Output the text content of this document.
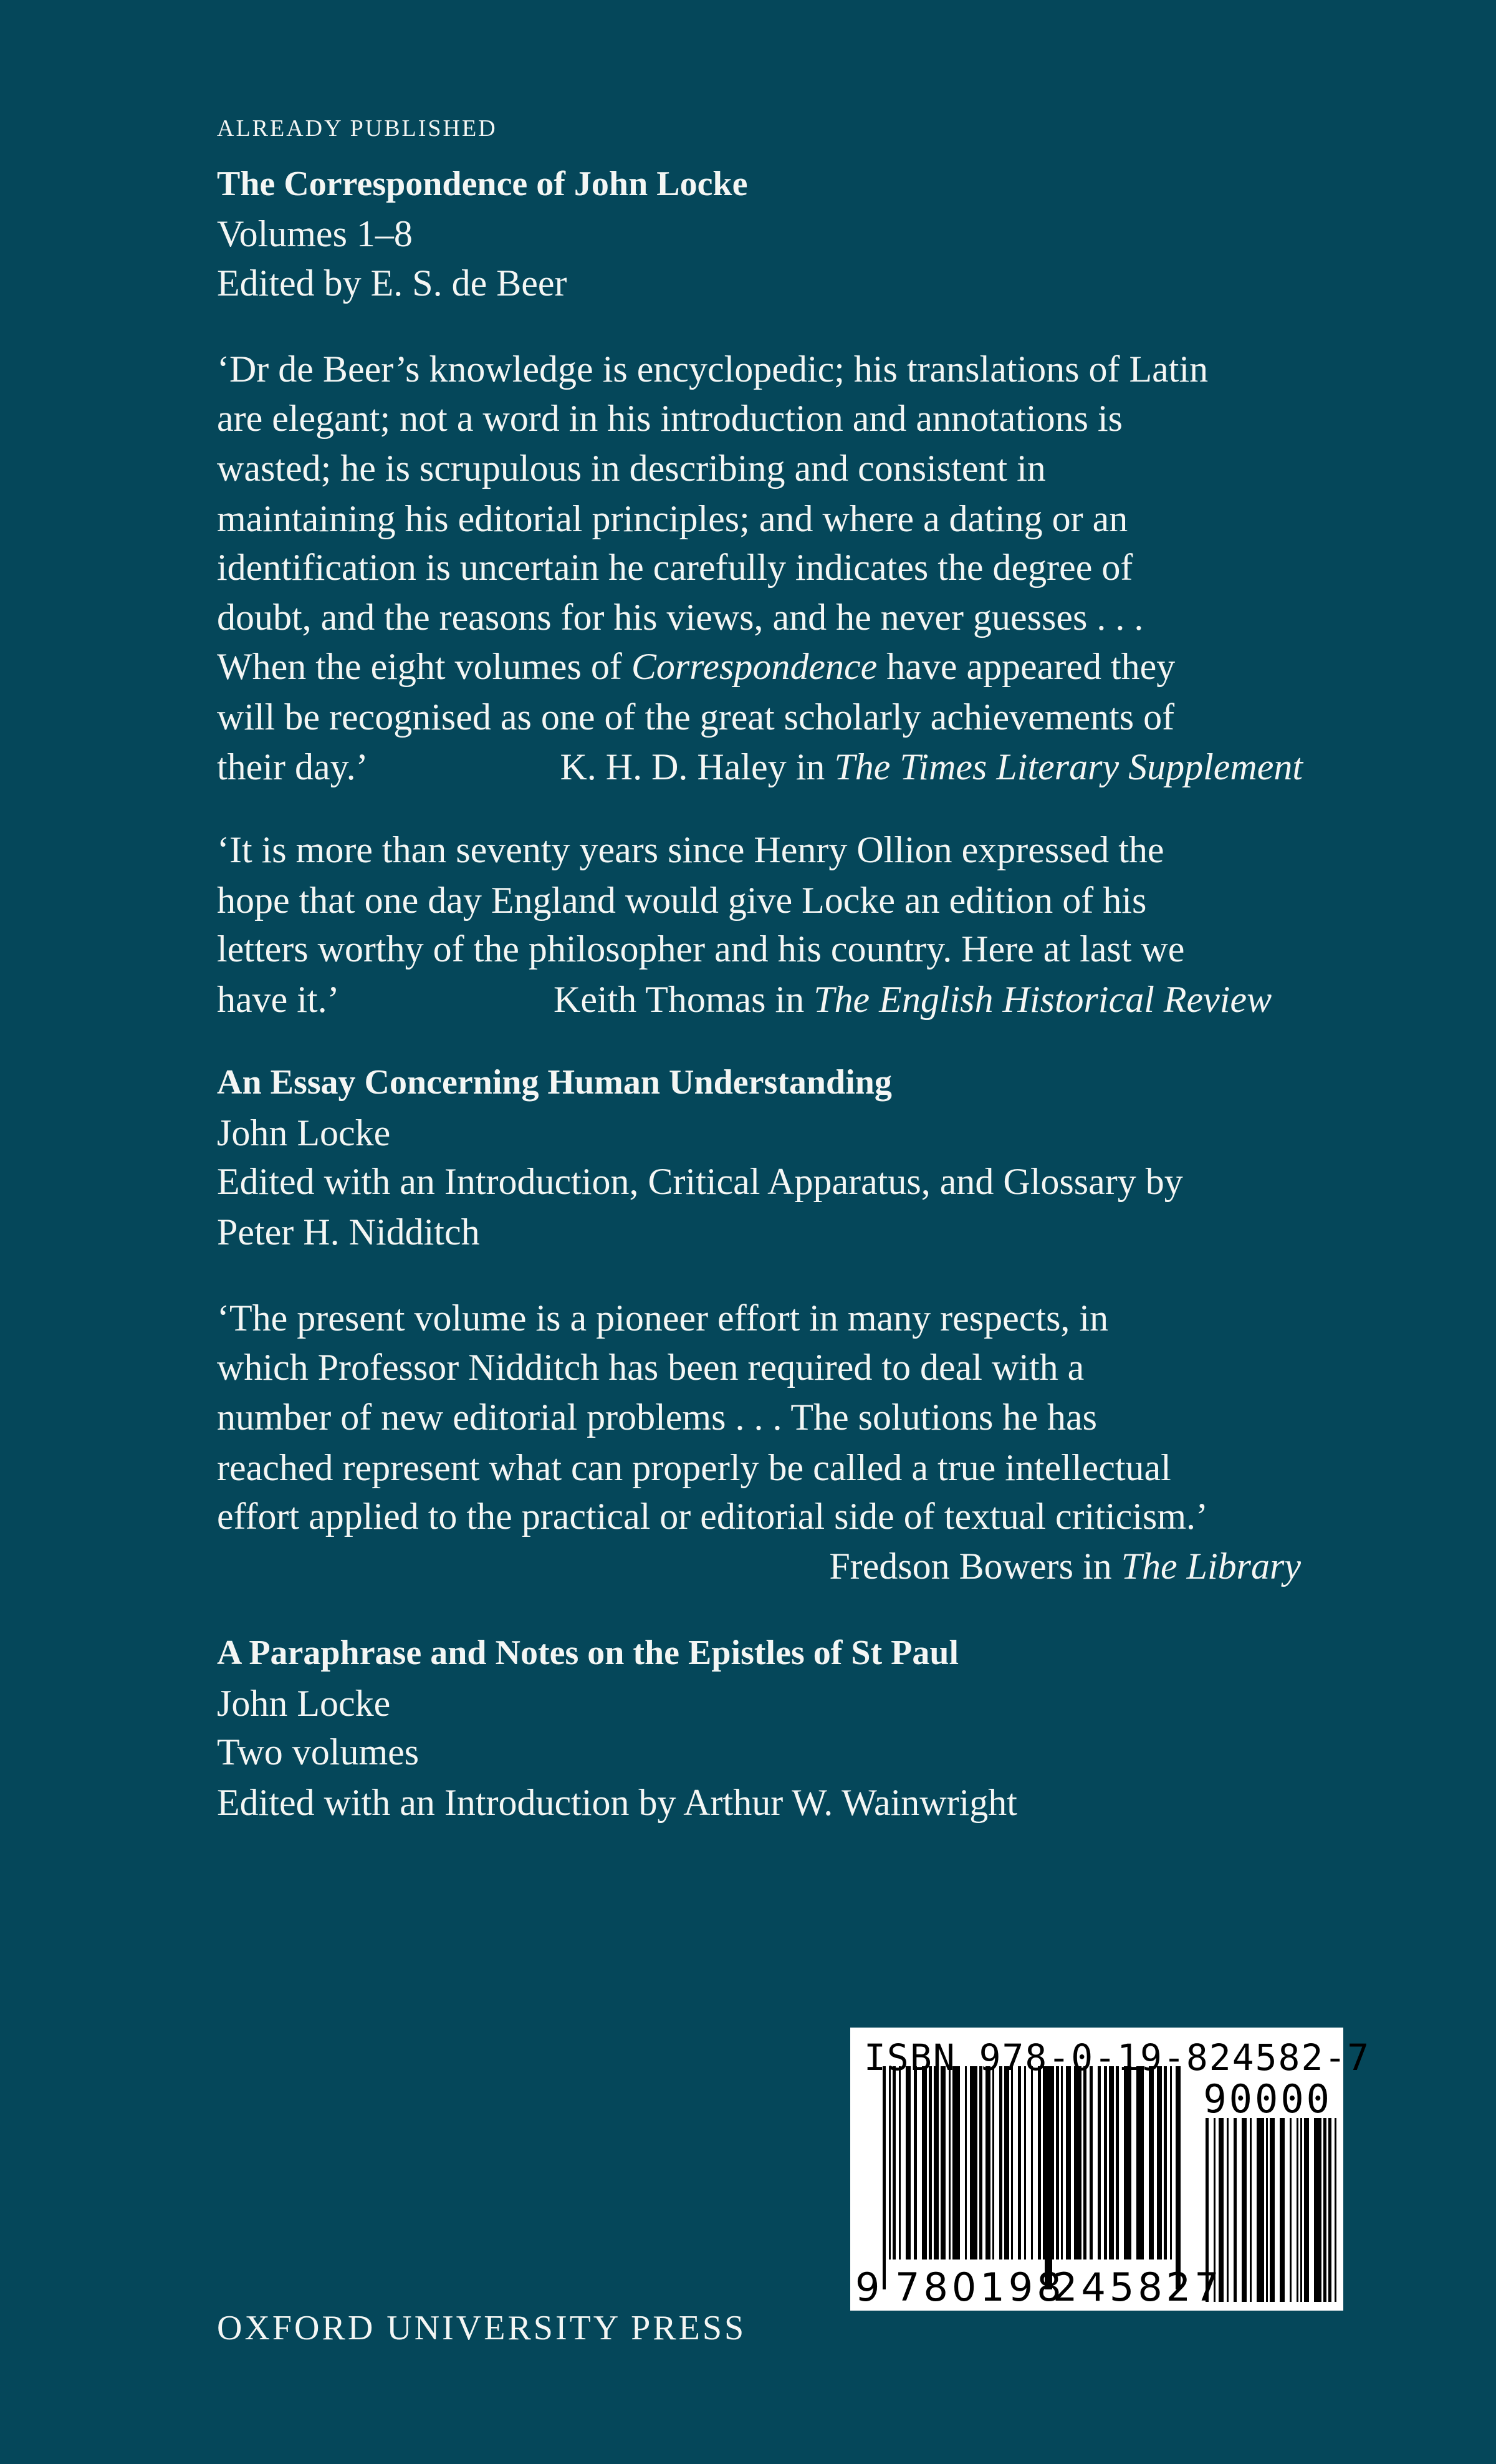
ALREADY PUBLISHED
The Correspondence of John Locke
Volumes 1–8
Edited by E. S. de Beer
‘Dr de Beer’s knowledge is encyclopedic; his translations of Latin
are elegant; not a word in his introduction and annotations is
wasted; he is scrupulous in describing and consistent in
maintaining his editorial principles; and where a dating or an
identification is uncertain he carefully indicates the degree of
doubt, and the reasons for his views, and he never guesses . . .
When the eight volumes of Correspondence have appeared they
will be recognised as one of the great scholarly achievements of
their day.’	K. H. D. Haley in The Times Literary Supplement
‘It is more than seventy years since Henry Ollion expressed the
hope that one day England would give Locke an edition of his
letters worthy of the philosopher and his country. Here at last we
have it.’	Keith Thomas in The English Historical Review
An Essay Concerning Human Understanding
John Locke
Edited with an Introduction, Critical Apparatus, and Glossary by
Peter H. Nidditch
‘The present volume is a pioneer effort in many respects, in
which Professor Nidditch has been required to deal with a
number of new editorial problems . . . The solutions he has
reached represent what can properly be called a true intellectual
effort applied to the practical or editorial side of textual criticism.’
Fredson Bowers in The Library
A Paraphrase and Notes on the Epistles of St Paul
John Locke
Two volumes
Edited with an Introduction by Arthur W. Wainwright
OXFORD UNIVERSITY PRESS
ISBN 978-0-19-824582-7
90000
9 780198
245827
